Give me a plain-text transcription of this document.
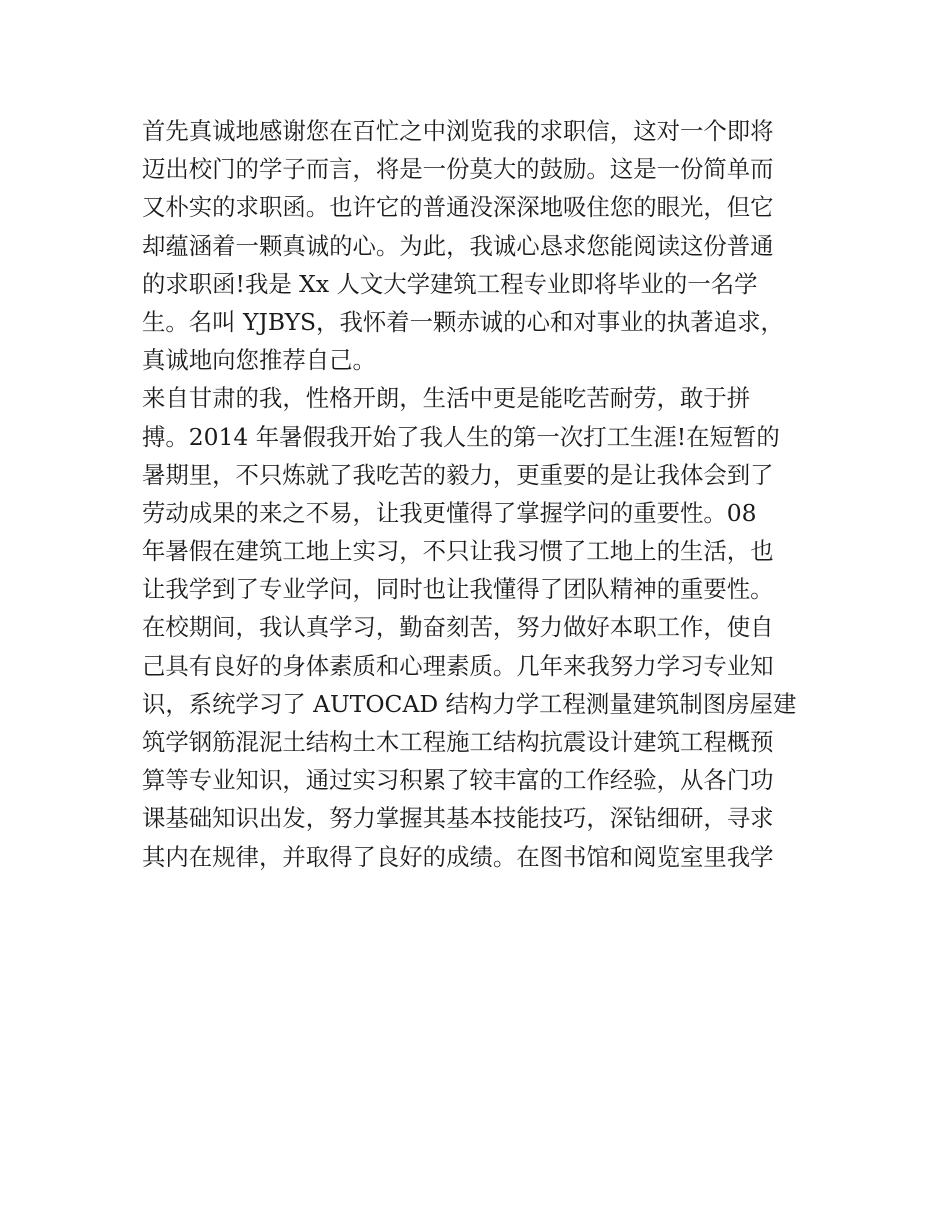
首先真诚地感谢您在百忙之中浏览我的求职信，这对一个即将
迈出校门的学子而言，将是一份莫大的鼓励。这是一份简单而
又朴实的求职函。也许它的普通没深深地吸住您的眼光，但它
却蕴涵着一颗真诚的心。为此，我诚心恳求您能阅读这份普通
的求职函!我是 Xx 人文大学建筑工程专业即将毕业的一名学
生。名叫 YJBYS，我怀着一颗赤诚的心和对事业的执著追求，
真诚地向您推荐自己。
来自甘肃的我，性格开朗，生活中更是能吃苦耐劳，敢于拼
搏。2014 年暑假我开始了我人生的第一次打工生涯!在短暂的
暑期里，不只炼就了我吃苦的毅力，更重要的是让我体会到了
劳动成果的来之不易，让我更懂得了掌握学问的重要性。08
年暑假在建筑工地上实习，不只让我习惯了工地上的生活，也
让我学到了专业学问，同时也让我懂得了团队精神的重要性。
在校期间，我认真学习，勤奋刻苦，努力做好本职工作，使自
己具有良好的身体素质和心理素质。几年来我努力学习专业知
识，系统学习了 AUTOCAD 结构力学工程测量建筑制图房屋建
筑学钢筋混泥土结构土木工程施工结构抗震设计建筑工程概预
算等专业知识，通过实习积累了较丰富的工作经验，从各门功
课基础知识出发，努力掌握其基本技能技巧，深钻细研，寻求
其内在规律，并取得了良好的成绩。在图书馆和阅览室里我学
